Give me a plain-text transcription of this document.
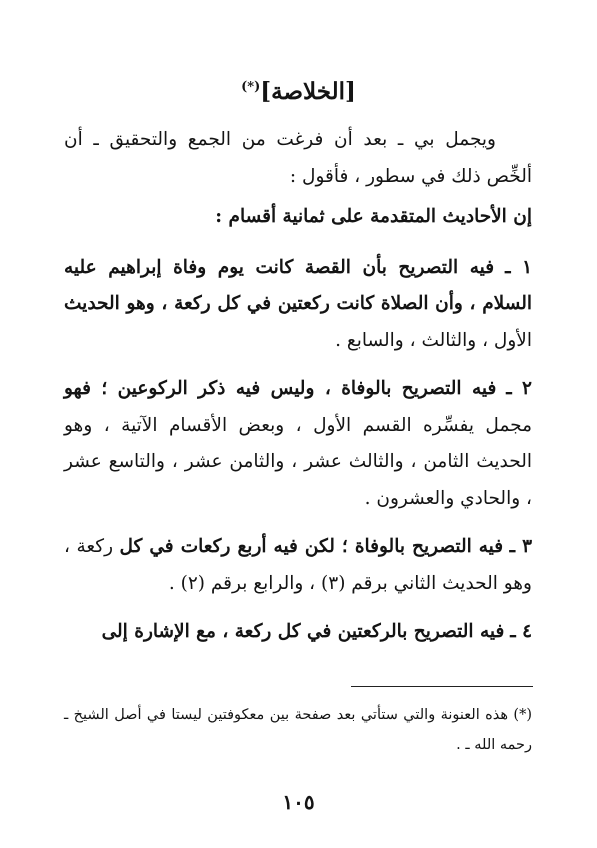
[الخلاصة](*)

ويجمل بي ـ بعد أن فرغت من الجمع والتحقيق ـ أن ألخِّص ذلك في سطور ، فأقول :

إن الأحاديث المتقدمة على ثمانية أقسام :

١ ـ فيه التصريح بأن القصة كانت يوم وفاة إبراهيم عليه السلام ، وأن الصلاة كانت ركعتين في كل ركعة ، وهو الحديث الأول ، والثالث ، والسابع .

٢ ـ فيه التصريح بالوفاة ، وليس فيه ذكر الركوعين ؛ فهو مجمل يفسِّره القسم الأول ، وبعض الأقسام الآتية ، وهو الحديث الثامن ، والثالث عشر ، والثامن عشر ، والتاسع عشر ، والحادي والعشرون .

٣ ـ فيه التصريح بالوفاة ؛ لكن فيه أربع ركعات في كل ركعة ، وهو الحديث الثاني برقم (٣) ، والرابع برقم (٢) .

٤ ـ فيه التصريح بالركعتين في كل ركعة ، مع الإشارة إلى

(*) هذه العنونة والتي ستأتي بعد صفحة بين معكوفتين ليستا في أصل الشيخ ـ رحمه الله ـ .
١٠٥
